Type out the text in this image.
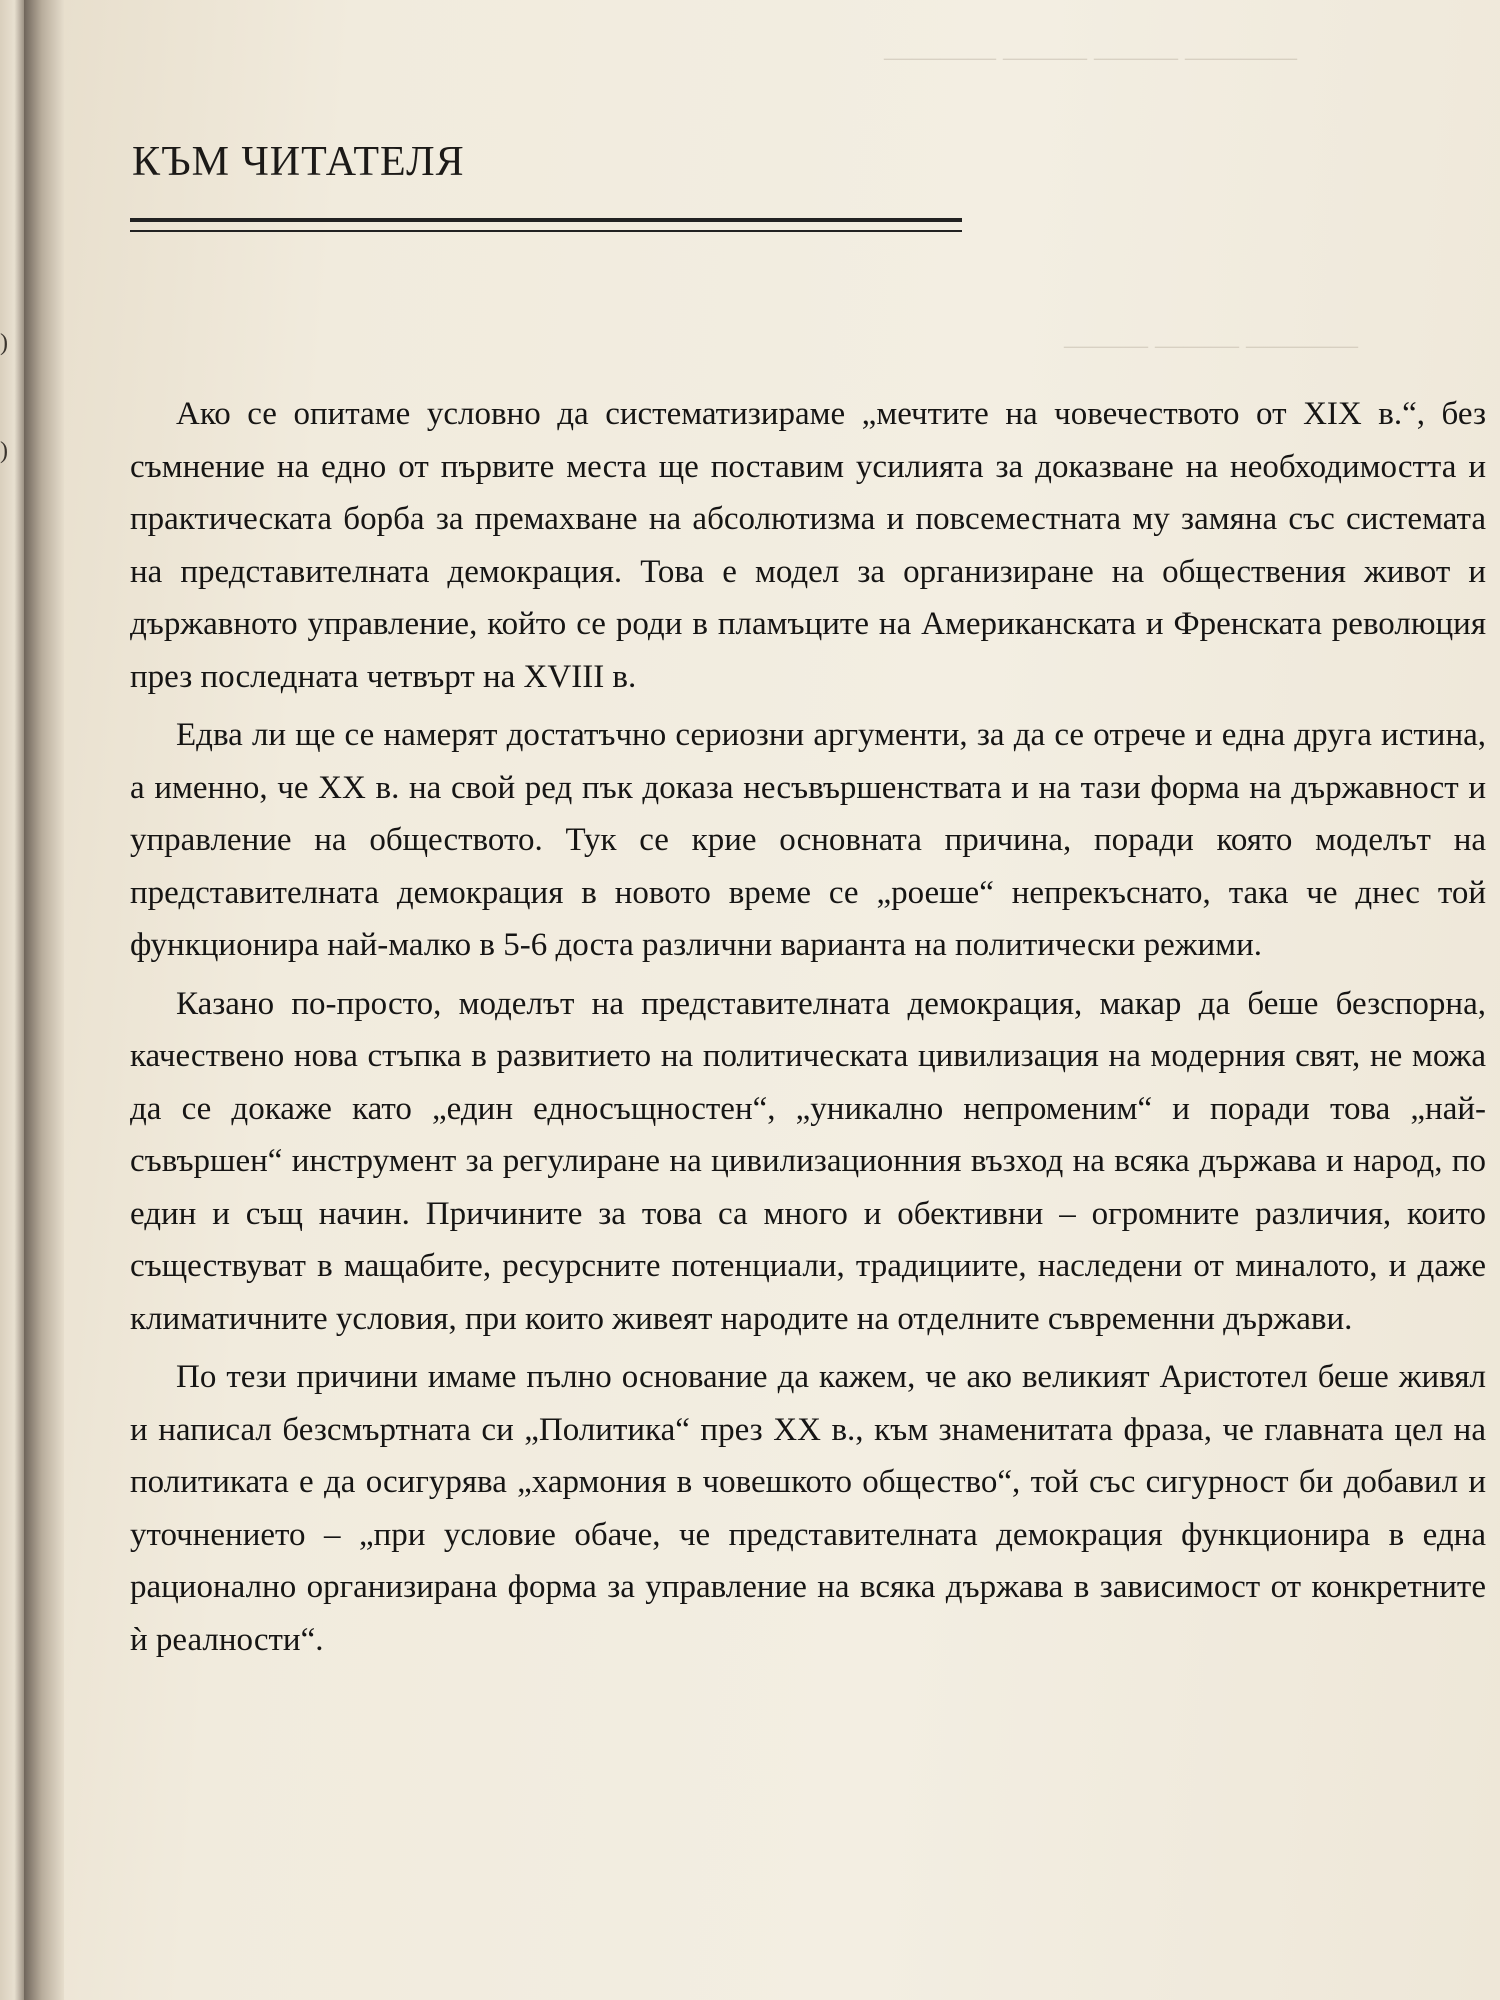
)
)
———— ——— ——— ————
———— ——— ———
КЪМ ЧИТАТЕЛЯ

Ако се опитаме условно да систематизираме „мечтите на човечеството от XIX в.“, без съмнение на едно от първите места ще поставим усилията за доказване на необходимостта и практическата борба за премахване на абсолютизма и повсеместната му замяна със системата на представителната демокрация. Това е модел за организиране на обществения живот и държавното управление, който се роди в пламъците на Американската и Френската революция през последната четвърт на XVIII в.

Едва ли ще се намерят достатъчно сериозни аргументи, за да се отрече и една друга истина, а именно, че XX в. на свой ред пък доказа несъвършенствата и на тази форма на държавност и управление на обществото. Тук се крие основната причина, поради която моделът на представителната демокрация в новото време се „роеше“ непрекъснато, така че днес той функционира най-малко в 5-6 доста различни варианта на политически режими.

Казано по-просто, моделът на представителната демокрация, макар да беше безспорна, качествено нова стъпка в развитието на политическата цивилизация на модерния свят, не можа да се докаже като „един едносъщностен“, „уникално непроменим“ и поради това „най-съвършен“ инструмент за регулиране на цивилизационния възход на всяка държава и народ, по един и същ начин. Причините за това са много и обективни – огромните различия, които съществуват в мащабите, ресурсните потенциали, традициите, наследени от миналото, и даже климатичните условия, при които живеят народите на отделните съвременни държави.

По тези причини имаме пълно основание да кажем, че ако великият Аристотел беше живял и написал безсмъртната си „Политика“ през XX в., към знаменитата фраза, че главната цел на политиката е да осигурява „хармония в човешкото общество“, той със сигурност би добавил и уточнението – „при условие обаче, че представителната демокрация функционира в една рационално организирана форма за управление на всяка държава в зависимост от конкретните ѝ реалности“.
